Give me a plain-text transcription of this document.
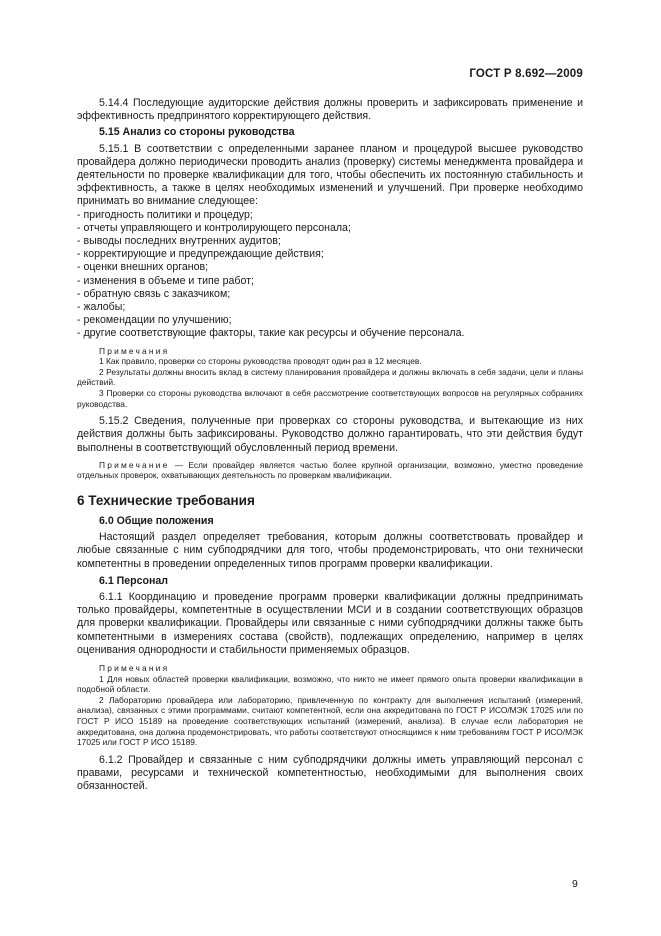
ГОСТ Р 8.692—2009

5.14.4 Последующие аудиторские действия должны проверить и зафиксировать применение и эффективность предпринятого корректирующего действия.

5.15 Анализ со стороны руководства

5.15.1 В соответствии с определенными заранее планом и процедурой высшее руководство провайдера должно периодически проводить анализ (проверку) системы менеджмента провайдера и деятельности по проверке квалификации для того, чтобы обеспечить их постоянную стабильность и эффективность, а также в целях необходимых изменений и улучшений. При проверке необходимо принимать во внимание следующее:

- пригодность политики и процедур;
- отчеты управляющего и контролирующего персонала;
- выводы последних внутренних аудитов;
- корректирующие и предупреждающие действия;
- оценки внешних органов;
- изменения в объеме и типе работ;
- обратную связь с заказчиком;
- жалобы;
- рекомендации по улучшению;
- другие соответствующие факторы, такие как ресурсы и обучение персонала.

Примечания

1 Как правило, проверки со стороны руководства проводят один раз в 12 месяцев.

2 Результаты должны вносить вклад в систему планирования провайдера и должны включать в себя задачи, цели и планы действий.

3 Проверки со стороны руководства включают в себя рассмотрение соответствующих вопросов на регулярных собраниях руководства.

5.15.2 Сведения, полученные при проверках со стороны руководства, и вытекающие из них действия должны быть зафиксированы. Руководство должно гарантировать, что эти действия будут выполнены в соответствующий обусловленный период времени.

Примечание — Если провайдер является частью более крупной организации, возможно, уместно проведение отдельных проверок, охватывающих деятельность по проверкам квалификации.

6 Технические требования

6.0 Общие положения

Настоящий раздел определяет требования, которым должны соответствовать провайдер и любые связанные с ним субподрядчики для того, чтобы продемонстрировать, что они технически компетентны в проведении определенных типов программ проверки квалификации.

6.1 Персонал

6.1.1 Координацию и проведение программ проверки квалификации должны предпринимать только провайдеры, компетентные в осуществлении МСИ и в создании соответствующих образцов для проверки квалификации. Провайдеры или связанные с ними субподрядчики должны также быть компетентными в измерениях состава (свойств), подлежащих определению, например в целях оценивания однородности и стабильности применяемых образцов.

Примечания

1 Для новых областей проверки квалификации, возможно, что никто не имеет прямого опыта проверки квалификации в подобной области.

2 Лабораторию провайдера или лабораторию, привлеченную по контракту для выполнения испытаний (измерений, анализа), связанных с этими программами, считают компетентной, если она аккредитована по ГОСТ Р ИСО/МЭК 17025 или по ГОСТ Р ИСО 15189 на проведение соответствующих испытаний (измерений, анализа). В случае если лаборатория не аккредитована, она должна продемонстрировать, что работы соответствуют относящимся к ним требованиям ГОСТ Р ИСО/МЭК 17025 или ГОСТ Р ИСО 15189.

6.1.2 Провайдер и связанные с ним субподрядчики должны иметь управляющий персонал с правами, ресурсами и технической компетентностью, необходимыми для выполнения своих обязанностей.

9
